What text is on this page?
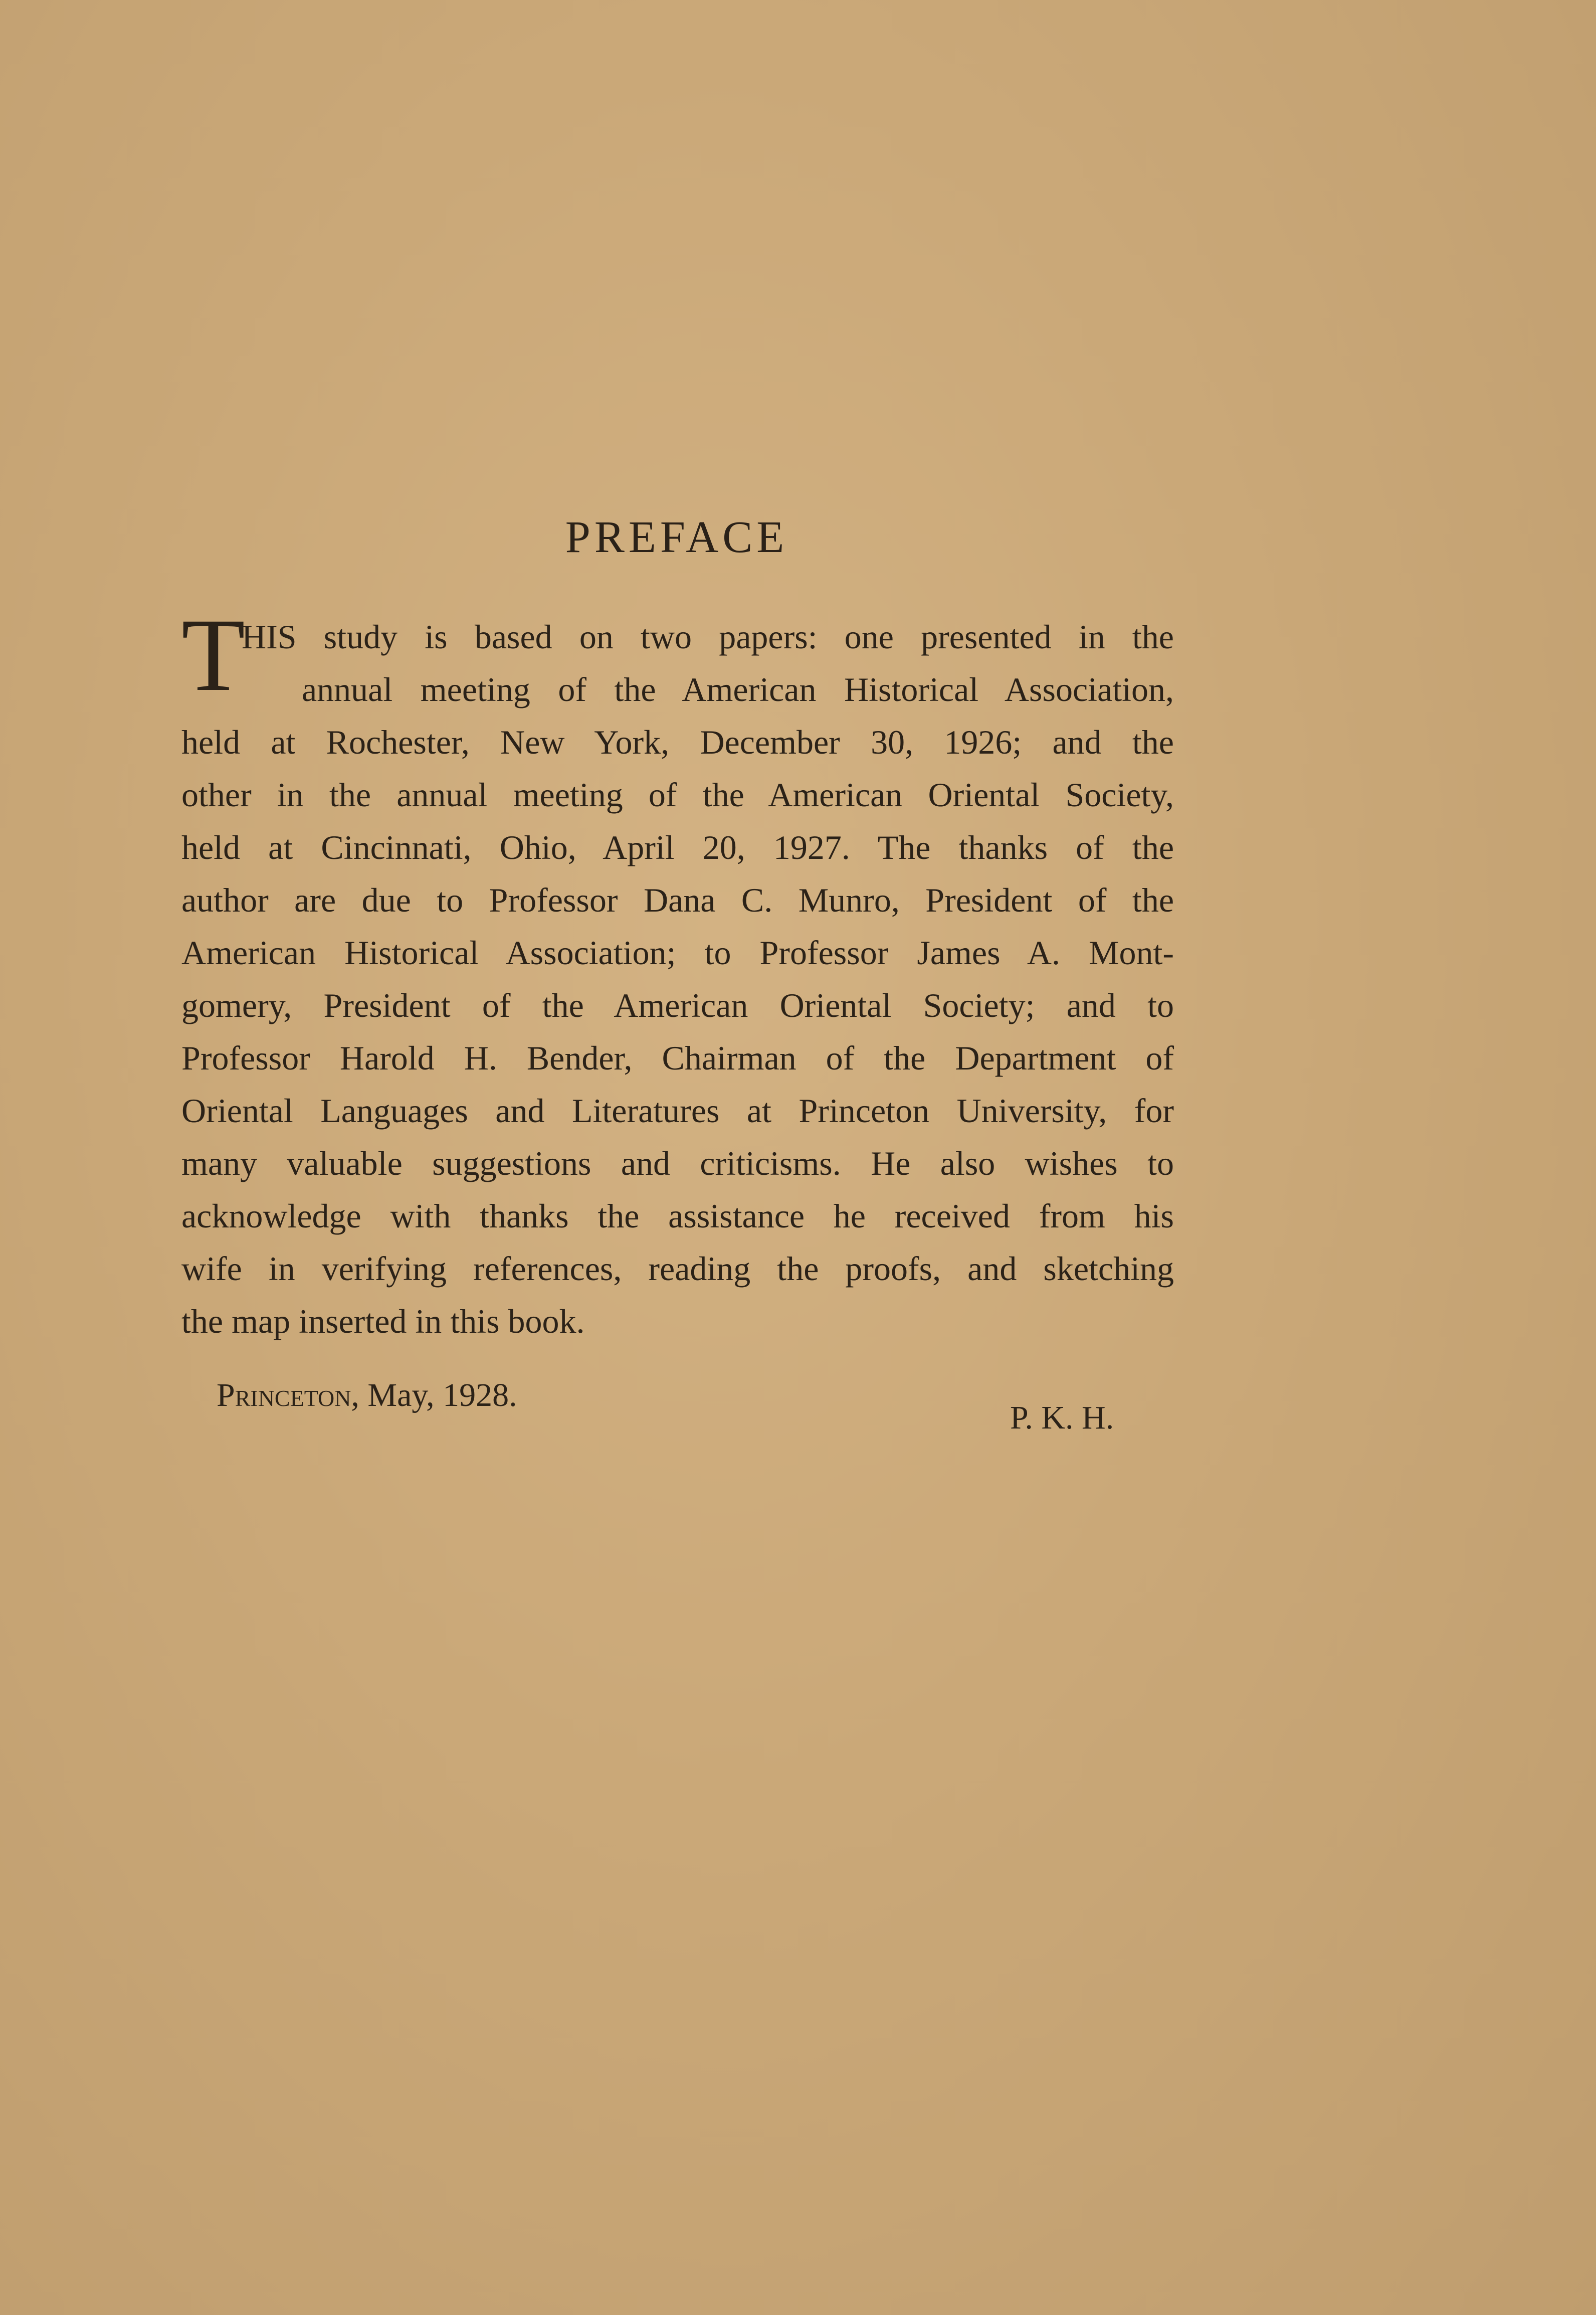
PREFACE
T
HIS study is based on two papers: one presented in the
annual meeting of the American Historical Association,
held at Rochester, New York, December 30, 1926; and the
other in the annual meeting of the American Oriental Society,
held at Cincinnati, Ohio, April 20, 1927. The thanks of the
author are due to Professor Dana C. Munro, President of the
American Historical Association; to Professor James A. Mont-
gomery, President of the American Oriental Society; and to
Professor Harold H. Bender, Chairman of the Department of
Oriental Languages and Literatures at Princeton University, for
many valuable suggestions and criticisms. He also wishes to
acknowledge with thanks the assistance he received from his
wife in verifying references, reading the proofs, and sketching
the map inserted in this book.
Princeton, May, 1928.
P. K. H.
